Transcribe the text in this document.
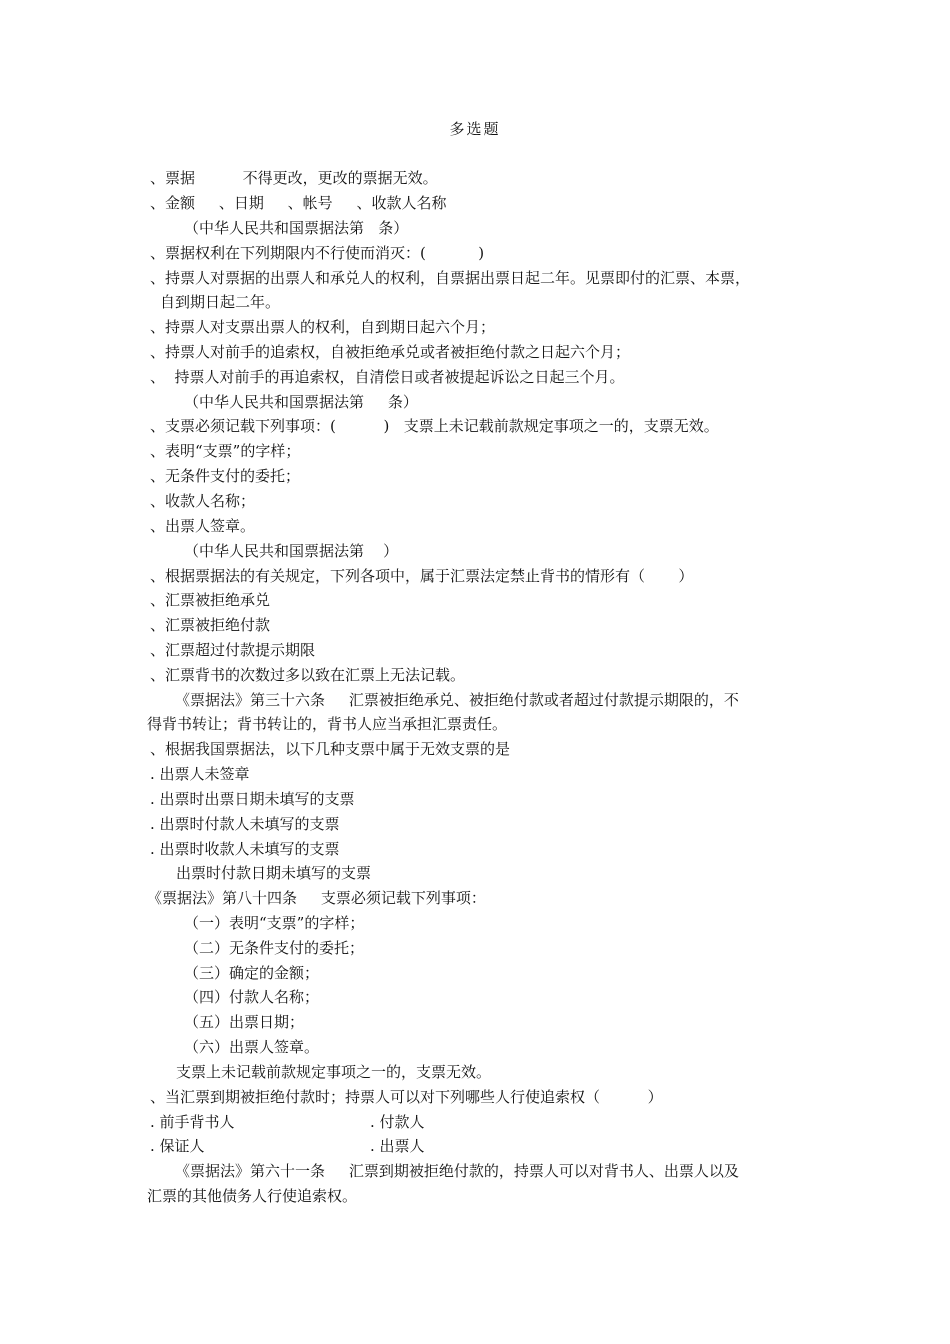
多选题
、票据          不得更改，更改的票据无效。
、金额     、日期     、帐号     、收款人名称
（中华人民共和国票据法第   条）
、票据权利在下列期限内不行使而消灭：(           )
、持票人对票据的出票人和承兑人的权利，自票据出票日起二年。见票即付的汇票、本票，
自到期日起二年。
、持票人对支票出票人的权利，自到期日起六个月；
、持票人对前手的追索权，自被拒绝承兑或者被拒绝付款之日起六个月；
、  持票人对前手的再追索权，自清偿日或者被提起诉讼之日起三个月。
（中华人民共和国票据法第     条）
、支票必须记载下列事项：(          )   支票上未记载前款规定事项之一的，支票无效。
、表明“支票”的字样；
、无条件支付的委托；
、收款人名称；
、出票人签章。
（中华人民共和国票据法第    ）
、根据票据法的有关规定，下列各项中，属于汇票法定禁止背书的情形有（       ）
、汇票被拒绝承兑
、汇票被拒绝付款
、汇票超过付款提示期限
、汇票背书的次数过多以致在汇票上无法记载。
《票据法》第三十六条     汇票被拒绝承兑、被拒绝付款或者超过付款提示期限的，不
得背书转让；背书转让的，背书人应当承担汇票责任。
、根据我国票据法，以下几种支票中属于无效支票的是
. 出票人未签章
. 出票时出票日期未填写的支票
. 出票时付款人未填写的支票
. 出票时收款人未填写的支票
出票时付款日期未填写的支票
《票据法》第八十四条     支票必须记载下列事项：
（一）表明“支票”的字样；
（二）无条件支付的委托；
（三）确定的金额；
（四）付款人名称；
（五）出票日期；
（六）出票人签章。
支票上未记载前款规定事项之一的，支票无效。
、当汇票到期被拒绝付款时；持票人可以对下列哪些人行使追索权（          ）
. 前手背书人	. 付款人
. 保证人	. 出票人
《票据法》第六十一条     汇票到期被拒绝付款的，持票人可以对背书人、出票人以及
汇票的其他债务人行使追索权。
